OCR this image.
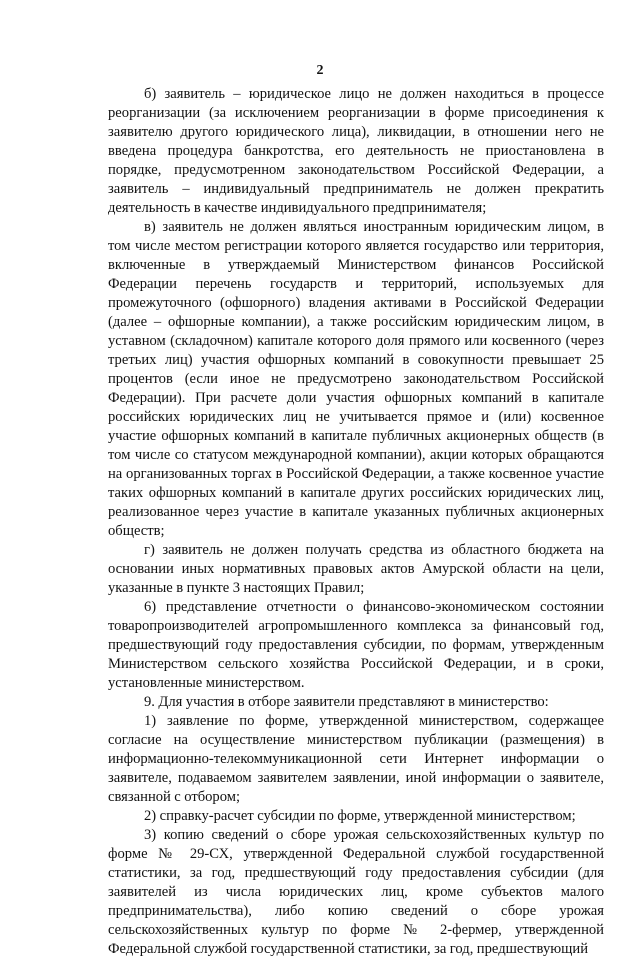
2

б) заявитель – юридическое лицо не должен находиться в процессе реорганизации (за исключением реорганизации в форме присоединения к заявителю другого юридического лица), ликвидации, в отношении него не введена процедура банкротства, его деятельность не приостановлена в порядке, предусмотренном законодательством Российской Федерации, а заявитель – индивидуальный предприниматель не должен прекратить деятельность в качестве индивидуального предпринимателя;

в) заявитель не должен являться иностранным юридическим лицом, в том числе местом регистрации которого является государство или территория, включенные в утверждаемый Министерством финансов Российской Федерации перечень государств и территорий, используемых для промежуточного (офшорного) владения активами в Российской Федерации (далее – офшорные компании), а также российским юридическим лицом, в уставном (складочном) капитале которого доля прямого или косвенного (через третьих лиц) участия офшорных компаний в совокупности превышает 25 процентов (если иное не предусмотрено законодательством Российской Федерации). При расчете доли участия офшорных компаний в капитале российских юридических лиц не учитывается прямое и (или) косвенное участие офшорных компаний в капитале публичных акционерных обществ (в том числе со статусом международной компании), акции которых обращаются на организованных торгах в Российской Федерации, а также косвенное участие таких офшорных компаний в капитале других российских юридических лиц, реализованное через участие в капитале указанных публичных акционерных обществ;

г) заявитель не должен получать средства из областного бюджета на основании иных нормативных правовых актов Амурской области на цели, указанные в пункте 3 настоящих Правил;

6) представление отчетности о финансово-экономическом состоянии товаропроизводителей агропромышленного комплекса за финансовый год, предшествующий году предоставления субсидии, по формам, утвержденным Министерством сельского хозяйства Российской Федерации, и в сроки, установленные министерством.

9. Для участия в отборе заявители представляют в министерство:

1) заявление по форме, утвержденной министерством, содержащее согласие на осуществление министерством публикации (размещения) в информационно-телекоммуникационной сети Интернет информации о заявителе, подаваемом заявителем заявлении, иной информации о заявителе, связанной с отбором;

2) справку-расчет субсидии по форме, утвержденной министерством;

3) копию сведений о сборе урожая сельскохозяйственных культур по форме № 29-СХ, утвержденной Федеральной службой государственной статистики, за год, предшествующий году предоставления субсидии (для заявителей из числа юридических лиц, кроме субъектов малого предпринимательства), либо копию сведений о сборе урожая сельскохозяйственных культур по форме № 2-фермер, утвержденной Федеральной службой государственной статистики, за год, предшествующий
